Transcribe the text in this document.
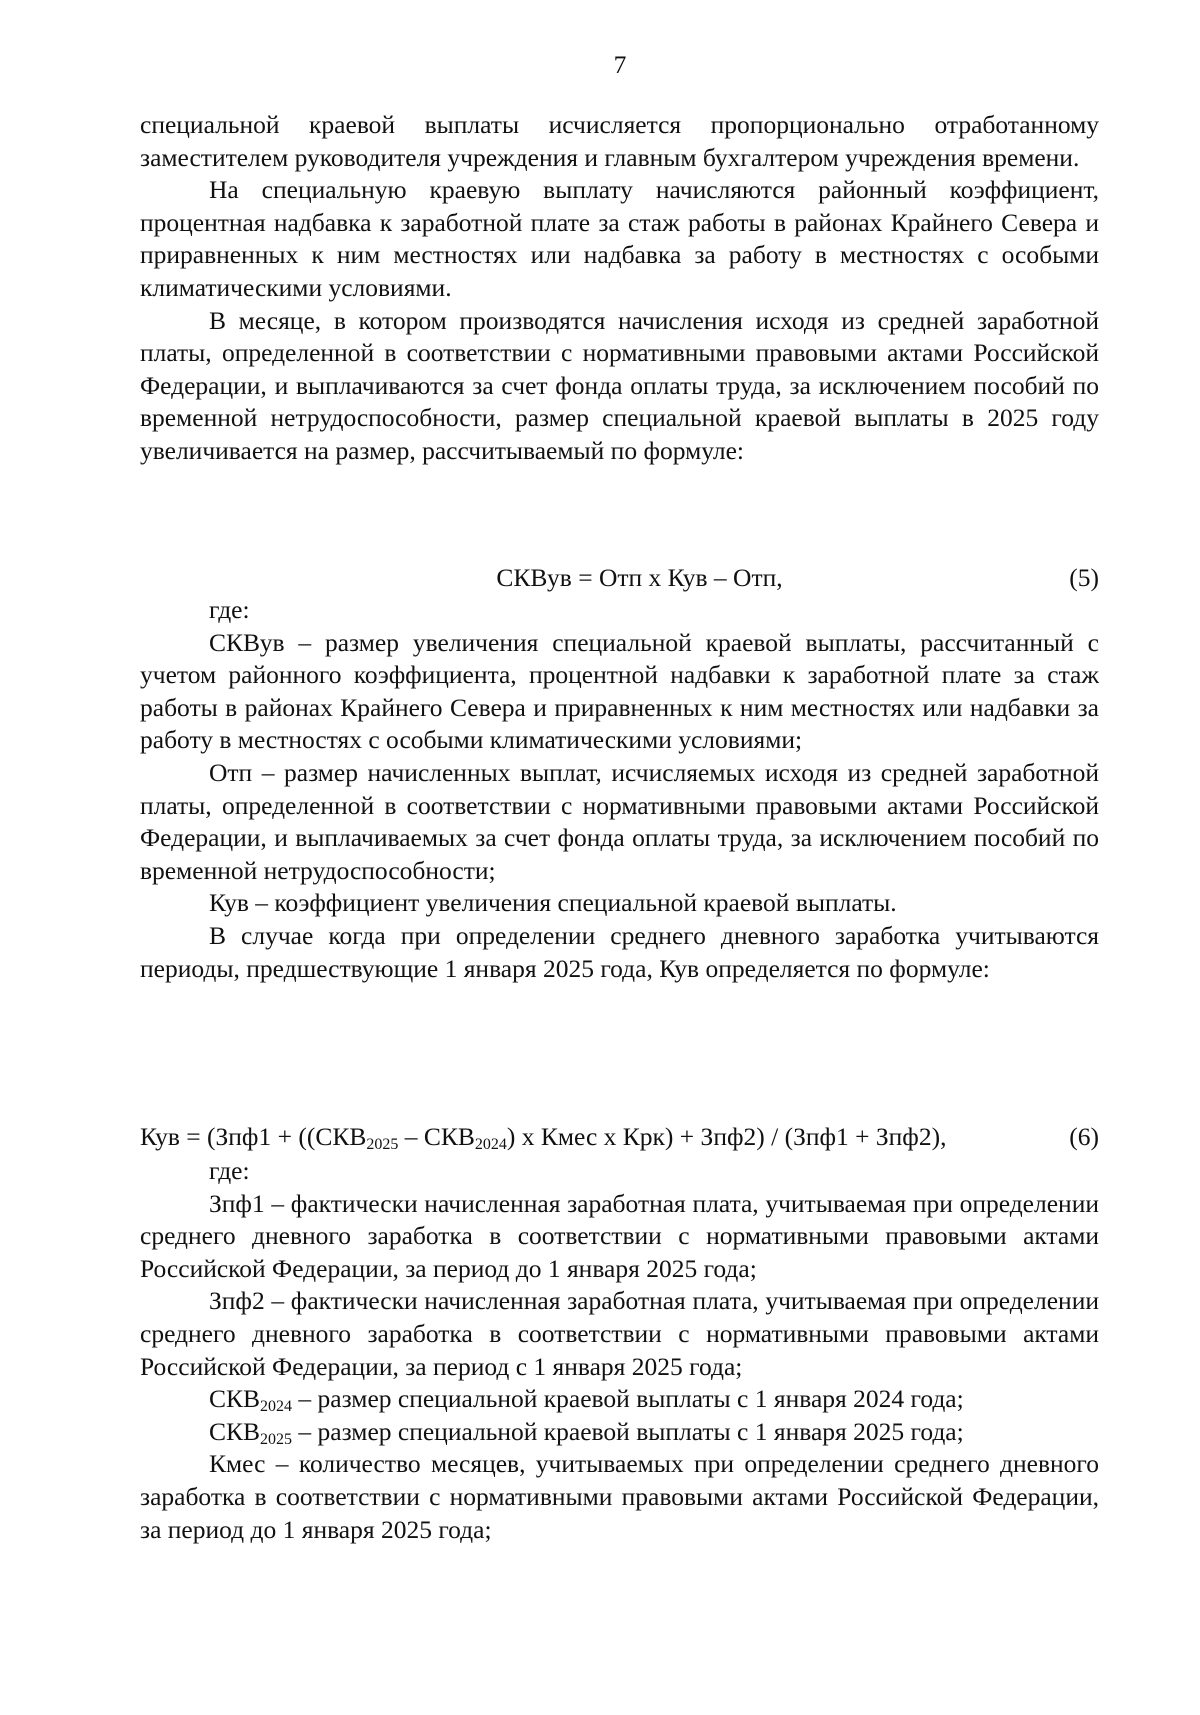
7

специальной краевой выплаты исчисляется пропорционально отработанному заместителем руководителя учреждения и главным бухгалтером учреждения времени.

На специальную краевую выплату начисляются районный коэффициент, процентная надбавка к заработной плате за стаж работы в районах Крайнего Севера и приравненных к ним местностях или надбавка за работу в местностях с особыми климатическими условиями.

В месяце, в котором производятся начисления исходя из средней заработной платы, определенной в соответствии с нормативными правовыми актами Российской Федерации, и выплачиваются за счет фонда оплаты труда, за исключением пособий по временной нетрудоспособности, размер специальной краевой выплаты в 2025 году увеличивается на размер, рассчитываемый по формуле:

СКВув = Отп x Кув – Отп,	(5)

где:

СКВув – размер увеличения специальной краевой выплаты, рассчитанный с учетом районного коэффициента, процентной надбавки к заработной плате за стаж работы в районах Крайнего Севера и приравненных к ним местностях или надбавки за работу в местностях с особыми климатическими условиями;

Отп – размер начисленных выплат, исчисляемых исходя из средней заработной платы, определенной в соответствии с нормативными правовыми актами Российской Федерации, и выплачиваемых за счет фонда оплаты труда, за исключением пособий по временной нетрудоспособности;

Кув – коэффициент увеличения специальной краевой выплаты.

В случае когда при определении среднего дневного заработка учитываются периоды, предшествующие 1 января 2025 года, Кув определяется по формуле:

Кув = ($Зпф1 + ((СКВ_{2025} - СКВ_{2024})$ x Кмес x Крк) + Зпф2) / (Зпф1 + Зпф2),	(6)

где:

Зпф1 – фактически начисленная заработная плата, учитываемая при определении среднего дневного заработка в соответствии с нормативными правовыми актами Российской Федерации, за период до 1 января 2025 года;

Зпф2 – фактически начисленная заработная плата, учитываемая при определении среднего дневного заработка в соответствии с нормативными правовыми актами Российской Федерации, за период с 1 января 2025 года;

$СКВ_{2024}$ – размер специальной краевой выплаты с 1 января 2024 года;

$СКВ_{2025}$ – размер специальной краевой выплаты с 1 января 2025 года;

Кмес – количество месяцев, учитываемых при определении среднего дневного заработка в соответствии с нормативными правовыми актами Российской Федерации, за период до 1 января 2025 года;
